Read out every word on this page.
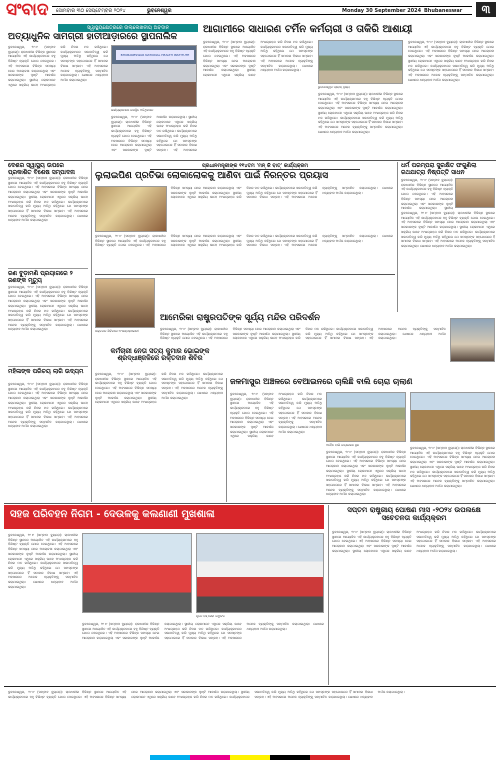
ସଂବାଦ ସୋମବାର ୩୦ ସେପ୍ଟେମ୍ବର ୨୦୨୪	ଭୁବନେଶ୍ୱର	Monday 30 September 2024 Bhubaneswar	୩
ସ୍ୱାସ୍ଥ୍ୟକ୍ଷେତ୍ରରେ ଉଲ୍ଲେଖନୀୟ ଅବଦାନ
ଅତ୍ୟାଧୁନିକ ସାମଗ୍ରୀ ହାତୀଆଡ଼ାରରେ ସ୍ଥାପନାଲିକ
ଭୁବନେଶ୍ୱର, ୨୯।୯ (ସମ୍ବାଦ ବ୍ୟୁରୋ): ରାଜଧାନୀର ବିଭିନ୍ନ ସ୍ଥାନରେ ଆୟୋଜିତ ଏହି କାର୍ଯ୍ୟକ୍ରମରେ ବହୁ ବିଶିଷ୍ଟ ବ୍ୟକ୍ତି ଯୋଗ ଦେଇଥିଲେ। ଏହି ଅବସରରେ ବିଭିନ୍ନ ସମସ୍ୟା ନେଇ ଆଲୋଚନା କରାଯାଇଥିଲା ଏବଂ ସରକାରଙ୍କ ଦୃଷ୍ଟି ଆକର୍ଷଣ କରାଯାଇଥିଲା। ସ୍ଥାନୀୟ ଲୋକମାନେ ଏଥିରେ ସକ୍ରିୟ ଭାବେ ଅଂଶଗ୍ରହଣ କରି ନିଜର ମତ ରଖିଥିଲେ। କାର୍ଯ୍ୟକ୍ରମରେ ସଭାପତିତ୍ୱ କରି ମୁଖ୍ୟ ଅତିଥି କହିଥିଲେ ଯେ ସମସ୍ତଙ୍କ ସହଯୋଗରେ ହିଁ ସମାଜର ବିକାଶ ସମ୍ଭବ। ଏହି ଅବସରରେ ଅନେକ ବ୍ୟକ୍ତିଙ୍କୁ ସମ୍ମାନିତ କରାଯାଇଥିଲା। ଶେଷରେ ଧନ୍ୟବାଦ ଅର୍ପଣ କରାଯାଇଥିଲା।
BHUBANESWAR NATIONAL HEALTH INSTITUTE
କାର୍ଯ୍ୟକ୍ରମରେ ଉପସ୍ଥିତ ଅତିଥିମାନେ
ଭୁବନେଶ୍ୱର, ୨୯।୯ (ସମ୍ବାଦ ବ୍ୟୁରୋ): ରାଜଧାନୀର ବିଭିନ୍ନ ସ୍ଥାନରେ ଆୟୋଜିତ ଏହି କାର୍ଯ୍ୟକ୍ରମରେ ବହୁ ବିଶିଷ୍ଟ ବ୍ୟକ୍ତି ଯୋଗ ଦେଇଥିଲେ। ଏହି ଅବସରରେ ବିଭିନ୍ନ ସମସ୍ୟା ନେଇ ଆଲୋଚନା କରାଯାଇଥିଲା ଏବଂ ସରକାରଙ୍କ ଦୃଷ୍ଟି ଆକର୍ଷଣ କରାଯାଇଥିଲା। ସ୍ଥାନୀୟ ଲୋକମାନେ ଏଥିରେ ସକ୍ରିୟ ଭାବେ ଅଂଶଗ୍ରହଣ କରି ନିଜର ମତ ରଖିଥିଲେ। କାର୍ଯ୍ୟକ୍ରମରେ ସଭାପତିତ୍ୱ କରି ମୁଖ୍ୟ ଅତିଥି କହିଥିଲେ ଯେ ସମସ୍ତଙ୍କ ସହଯୋଗରେ ହିଁ ସମାଜର ବିକାଶ ସମ୍ଭବ। ଏହି ଅବସରରେ
ଆଗାମୀରେ ସାଧାରଣ ଟର୍ମିନ କର୍ମଚାରୀ ଓ ତାକିରି ଆଶାୟୀ
ଭୁବନେଶ୍ୱର, ୨୯।୯ (ସମ୍ବାଦ ବ୍ୟୁରୋ): ରାଜଧାନୀର ବିଭିନ୍ନ ସ୍ଥାନରେ ଆୟୋଜିତ ଏହି କାର୍ଯ୍ୟକ୍ରମରେ ବହୁ ବିଶିଷ୍ଟ ବ୍ୟକ୍ତି ଯୋଗ ଦେଇଥିଲେ। ଏହି ଅବସରରେ ବିଭିନ୍ନ ସମସ୍ୟା ନେଇ ଆଲୋଚନା କରାଯାଇଥିଲା ଏବଂ ସରକାରଙ୍କ ଦୃଷ୍ଟି ଆକର୍ଷଣ କରାଯାଇଥିଲା। ସ୍ଥାନୀୟ ଲୋକମାନେ ଏଥିରେ ସକ୍ରିୟ ଭାବେ ଅଂଶଗ୍ରହଣ କରି ନିଜର ମତ ରଖିଥିଲେ। କାର୍ଯ୍ୟକ୍ରମରେ ସଭାପତିତ୍ୱ କରି ମୁଖ୍ୟ ଅତିଥି କହିଥିଲେ ଯେ ସମସ୍ତଙ୍କ ସହଯୋଗରେ ହିଁ ସମାଜର ବିକାଶ ସମ୍ଭବ। ଏହି ଅବସରରେ ଅନେକ ବ୍ୟକ୍ତିଙ୍କୁ ସମ୍ମାନିତ କରାଯାଇଥିଲା। ଶେଷରେ ଧନ୍ୟବାଦ ଅର୍ପଣ କରାଯାଇଥିଲା।
ଭୁବନେଶ୍ୱର ଡ୍ରୋନ୍ ଦୃଶ୍ୟ
ଭୁବନେଶ୍ୱର, ୨୯।୯ (ସମ୍ବାଦ ବ୍ୟୁରୋ): ରାଜଧାନୀର ବିଭିନ୍ନ ସ୍ଥାନରେ ଆୟୋଜିତ ଏହି କାର୍ଯ୍ୟକ୍ରମରେ ବହୁ ବିଶିଷ୍ଟ ବ୍ୟକ୍ତି ଯୋଗ ଦେଇଥିଲେ। ଏହି ଅବସରରେ ବିଭିନ୍ନ ସମସ୍ୟା ନେଇ ଆଲୋଚନା କରାଯାଇଥିଲା ଏବଂ ସରକାରଙ୍କ ଦୃଷ୍ଟି ଆକର୍ଷଣ କରାଯାଇଥିଲା। ସ୍ଥାନୀୟ ଲୋକମାନେ ଏଥିରେ ସକ୍ରିୟ ଭାବେ ଅଂଶଗ୍ରହଣ କରି ନିଜର ମତ ରଖିଥିଲେ। କାର୍ଯ୍ୟକ୍ରମରେ ସଭାପତିତ୍ୱ କରି ମୁଖ୍ୟ ଅତିଥି କହିଥିଲେ ଯେ ସମସ୍ତଙ୍କ ସହଯୋଗରେ ହିଁ ସମାଜର ବିକାଶ ସମ୍ଭବ। ଏହି ଅବସରରେ ଅନେକ ବ୍ୟକ୍ତିଙ୍କୁ ସମ୍ମାନିତ କରାଯାଇଥିଲା। ଶେଷରେ ଧନ୍ୟବାଦ ଅର୍ପଣ କରାଯାଇଥିଲା।
ଭୁବନେଶ୍ୱର, ୨୯।୯ (ସମ୍ବାଦ ବ୍ୟୁରୋ): ରାଜଧାନୀର ବିଭିନ୍ନ ସ୍ଥାନରେ ଆୟୋଜିତ ଏହି କାର୍ଯ୍ୟକ୍ରମରେ ବହୁ ବିଶିଷ୍ଟ ବ୍ୟକ୍ତି ଯୋଗ ଦେଇଥିଲେ। ଏହି ଅବସରରେ ବିଭିନ୍ନ ସମସ୍ୟା ନେଇ ଆଲୋଚନା କରାଯାଇଥିଲା ଏବଂ ସରକାରଙ୍କ ଦୃଷ୍ଟି ଆକର୍ଷଣ କରାଯାଇଥିଲା। ସ୍ଥାନୀୟ ଲୋକମାନେ ଏଥିରେ ସକ୍ରିୟ ଭାବେ ଅଂଶଗ୍ରହଣ କରି ନିଜର ମତ ରଖିଥିଲେ। କାର୍ଯ୍ୟକ୍ରମରେ ସଭାପତିତ୍ୱ କରି ମୁଖ୍ୟ ଅତିଥି କହିଥିଲେ ଯେ ସମସ୍ତଙ୍କ ସହଯୋଗରେ ହିଁ ସମାଜର ବିକାଶ ସମ୍ଭବ। ଏହି ଅବସରରେ ଅନେକ ବ୍ୟକ୍ତିଙ୍କୁ ସମ୍ମାନିତ କରାଯାଇଥିଲା। ଶେଷରେ ଧନ୍ୟବାଦ ଅର୍ପଣ କରାଯାଇଥିଲା।
ଦେଶର ସ୍ୱାସ୍ଥ୍ୟ ଉପରେ ପ୍ରକାଶିତ ବିଶେଷ ସମ୍ପାଦନା
ଭୁବନେଶ୍ୱର, ୨୯।୯ (ସମ୍ବାଦ ବ୍ୟୁରୋ): ରାଜଧାନୀର ବିଭିନ୍ନ ସ୍ଥାନରେ ଆୟୋଜିତ ଏହି କାର୍ଯ୍ୟକ୍ରମରେ ବହୁ ବିଶିଷ୍ଟ ବ୍ୟକ୍ତି ଯୋଗ ଦେଇଥିଲେ। ଏହି ଅବସରରେ ବିଭିନ୍ନ ସମସ୍ୟା ନେଇ ଆଲୋଚନା କରାଯାଇଥିଲା ଏବଂ ସରକାରଙ୍କ ଦୃଷ୍ଟି ଆକର୍ଷଣ କରାଯାଇଥିଲା। ସ୍ଥାନୀୟ ଲୋକମାନେ ଏଥିରେ ସକ୍ରିୟ ଭାବେ ଅଂଶଗ୍ରହଣ କରି ନିଜର ମତ ରଖିଥିଲେ। କାର୍ଯ୍ୟକ୍ରମରେ ସଭାପତିତ୍ୱ କରି ମୁଖ୍ୟ ଅତିଥି କହିଥିଲେ ଯେ ସମସ୍ତଙ୍କ ସହଯୋଗରେ ହିଁ ସମାଜର ବିକାଶ ସମ୍ଭବ। ଏହି ଅବସରରେ ଅନେକ ବ୍ୟକ୍ତିଙ୍କୁ ସମ୍ମାନିତ କରାଯାଇଥିଲା। ଶେଷରେ ଧନ୍ୟବାଦ ଅର୍ପଣ କରାଯାଇଥିଲା।
ରଣ ବୁଡ଼ାମଣି ପ୍ରୟାଗରେ ୨ ଜଣଙ୍କ ମୃତ୍ୟୁ
ଭୁବନେଶ୍ୱର, ୨୯।୯ (ସମ୍ବାଦ ବ୍ୟୁରୋ): ରାଜଧାନୀର ବିଭିନ୍ନ ସ୍ଥାନରେ ଆୟୋଜିତ ଏହି କାର୍ଯ୍ୟକ୍ରମରେ ବହୁ ବିଶିଷ୍ଟ ବ୍ୟକ୍ତି ଯୋଗ ଦେଇଥିଲେ। ଏହି ଅବସରରେ ବିଭିନ୍ନ ସମସ୍ୟା ନେଇ ଆଲୋଚନା କରାଯାଇଥିଲା ଏବଂ ସରକାରଙ୍କ ଦୃଷ୍ଟି ଆକର୍ଷଣ କରାଯାଇଥିଲା। ସ୍ଥାନୀୟ ଲୋକମାନେ ଏଥିରେ ସକ୍ରିୟ ଭାବେ ଅଂଶଗ୍ରହଣ କରି ନିଜର ମତ ରଖିଥିଲେ। କାର୍ଯ୍ୟକ୍ରମରେ ସଭାପତିତ୍ୱ କରି ମୁଖ୍ୟ ଅତିଥି କହିଥିଲେ ଯେ ସମସ୍ତଙ୍କ ସହଯୋଗରେ ହିଁ ସମାଜର ବିକାଶ ସମ୍ଭବ। ଏହି ଅବସରରେ ଅନେକ ବ୍ୟକ୍ତିଙ୍କୁ ସମ୍ମାନିତ କରାଯାଇଥିଲା। ଶେଷରେ ଧନ୍ୟବାଦ ଅର୍ପଣ କରାଯାଇଥିଲା।
ମହିଳାଙ୍କ ପରିଚୟ ଲାଗି ଉଦ୍ୟମ
ଭୁବନେଶ୍ୱର, ୨୯।୯ (ସମ୍ବାଦ ବ୍ୟୁରୋ): ରାଜଧାନୀର ବିଭିନ୍ନ ସ୍ଥାନରେ ଆୟୋଜିତ ଏହି କାର୍ଯ୍ୟକ୍ରମରେ ବହୁ ବିଶିଷ୍ଟ ବ୍ୟକ୍ତି ଯୋଗ ଦେଇଥିଲେ। ଏହି ଅବସରରେ ବିଭିନ୍ନ ସମସ୍ୟା ନେଇ ଆଲୋଚନା କରାଯାଇଥିଲା ଏବଂ ସରକାରଙ୍କ ଦୃଷ୍ଟି ଆକର୍ଷଣ କରାଯାଇଥିଲା। ସ୍ଥାନୀୟ ଲୋକମାନେ ଏଥିରେ ସକ୍ରିୟ ଭାବେ ଅଂଶଗ୍ରହଣ କରି ନିଜର ମତ ରଖିଥିଲେ। କାର୍ଯ୍ୟକ୍ରମରେ ସଭାପତିତ୍ୱ କରି ମୁଖ୍ୟ ଅତିଥି କହିଥିଲେ ଯେ ସମସ୍ତଙ୍କ ସହଯୋଗରେ ହିଁ ସମାଜର ବିକାଶ ସମ୍ଭବ। ଏହି ଅବସରରେ ଅନେକ ବ୍ୟକ୍ତିଙ୍କୁ ସମ୍ମାନିତ କରାଯାଇଥିଲା। ଶେଷରେ ଧନ୍ୟବାଦ ଅର୍ପଣ କରାଯାଇଥିଲା।
ପ୍ରଧାନମନ୍ତ୍ରୀଙ୍କ ୧୧୪ତମ 'ମନ୍ କି ବାତ୍' କାର୍ଯ୍ୟକ୍ରମ
ଲୁଲାଇପିଣ ପ୍ରତିଭା ଲୋକାଲୋକକୁ ଆଣିବା ପାଇଁ ନିରନ୍ତର ପ୍ରୟାସ
ବିଭିନ୍ନ ସମସ୍ୟା ନେଇ ଆଲୋଚନା କରାଯାଇଥିଲା ଏବଂ ସରକାରଙ୍କ ଦୃଷ୍ଟି ଆକର୍ଷଣ କରାଯାଇଥିଲା। ସ୍ଥାନୀୟ ଲୋକମାନେ ଏଥିରେ ସକ୍ରିୟ ଭାବେ ଅଂଶଗ୍ରହଣ କରି ନିଜର ମତ ରଖିଥିଲେ। କାର୍ଯ୍ୟକ୍ରମରେ ସଭାପତିତ୍ୱ କରି ମୁଖ୍ୟ ଅତିଥି କହିଥିଲେ ଯେ ସମସ୍ତଙ୍କ ସହଯୋଗରେ ହିଁ ସମାଜର ବିକାଶ ସମ୍ଭବ। ଏହି ଅବସରରେ ଅନେକ ବ୍ୟକ୍ତିଙ୍କୁ ସମ୍ମାନିତ କରାଯାଇଥିଲା। ଶେଷରେ ଧନ୍ୟବାଦ ଅର୍ପଣ କରାଯାଇଥିଲା।
ଭୁବନେଶ୍ୱର, ୨୯।୯ (ସମ୍ବାଦ ବ୍ୟୁରୋ): ରାଜଧାନୀର ବିଭିନ୍ନ ସ୍ଥାନରେ ଆୟୋଜିତ ଏହି କାର୍ଯ୍ୟକ୍ରମରେ ବହୁ ବିଶିଷ୍ଟ ବ୍ୟକ୍ତି ଯୋଗ ଦେଇଥିଲେ। ଏହି ଅବସରରେ ବିଭିନ୍ନ ସମସ୍ୟା ନେଇ ଆଲୋଚନା କରାଯାଇଥିଲା ଏବଂ ସରକାରଙ୍କ ଦୃଷ୍ଟି ଆକର୍ଷଣ କରାଯାଇଥିଲା। ସ୍ଥାନୀୟ ଲୋକମାନେ ଏଥିରେ ସକ୍ରିୟ ଭାବେ ଅଂଶଗ୍ରହଣ କରି ନିଜର ମତ ରଖିଥିଲେ। କାର୍ଯ୍ୟକ୍ରମରେ ସଭାପତିତ୍ୱ କରି ମୁଖ୍ୟ ଅତିଥି କହିଥିଲେ ଯେ ସମସ୍ତଙ୍କ ସହଯୋଗରେ ହିଁ ସମାଜର ବିକାଶ ସମ୍ଭବ। ଏହି ଅବସରରେ ଅନେକ ବ୍ୟକ୍ତିଙ୍କୁ ସମ୍ମାନିତ କରାଯାଇଥିଲା। ଶେଷରେ ଧନ୍ୟବାଦ ଅର୍ପଣ କରାଯାଇଥିଲା।
ଧର୍ମ ପରମ୍ପରା ସୁରକ୍ଷିତ ଫଗୁଣିଲା ରଥଯାତ୍ରା ନିଷ୍ପତ୍ତି ସାଧନ
ଭୁବନେଶ୍ୱର, ୨୯।୯ (ସମ୍ବାଦ ବ୍ୟୁରୋ): ରାଜଧାନୀର ବିଭିନ୍ନ ସ୍ଥାନରେ ଆୟୋଜିତ ଏହି କାର୍ଯ୍ୟକ୍ରମରେ ବହୁ ବିଶିଷ୍ଟ ବ୍ୟକ୍ତି ଯୋଗ ଦେଇଥିଲେ। ଏହି ଅବସରରେ ବିଭିନ୍ନ ସମସ୍ୟା ନେଇ ଆଲୋଚନା କରାଯାଇଥିଲା ଏବଂ ସରକାରଙ୍କ ଦୃଷ୍ଟି ଆକର୍ଷଣ କରାଯାଇଥିଲା। ସ୍ଥାନୀୟ
ଭୁବନେଶ୍ୱର, ୨୯।୯ (ସମ୍ବାଦ ବ୍ୟୁରୋ): ରାଜଧାନୀର ବିଭିନ୍ନ ସ୍ଥାନରେ ଆୟୋଜିତ ଏହି କାର୍ଯ୍ୟକ୍ରମରେ ବହୁ ବିଶିଷ୍ଟ ବ୍ୟକ୍ତି ଯୋଗ ଦେଇଥିଲେ। ଏହି ଅବସରରେ ବିଭିନ୍ନ ସମସ୍ୟା ନେଇ ଆଲୋଚନା କରାଯାଇଥିଲା ଏବଂ ସରକାରଙ୍କ ଦୃଷ୍ଟି ଆକର୍ଷଣ କରାଯାଇଥିଲା। ସ୍ଥାନୀୟ ଲୋକମାନେ ଏଥିରେ ସକ୍ରିୟ ଭାବେ ଅଂଶଗ୍ରହଣ କରି ନିଜର ମତ ରଖିଥିଲେ। କାର୍ଯ୍ୟକ୍ରମରେ ସଭାପତିତ୍ୱ କରି ମୁଖ୍ୟ ଅତିଥି କହିଥିଲେ ଯେ ସମସ୍ତଙ୍କ ସହଯୋଗରେ ହିଁ ସମାଜର ବିକାଶ ସମ୍ଭବ। ଏହି ଅବସରରେ ଅନେକ ବ୍ୟକ୍ତିଙ୍କୁ ସମ୍ମାନିତ କରାଯାଇଥିଲା। ଶେଷରେ ଧନ୍ୟବାଦ ଅର୍ପଣ କରାଯାଇଥିଲା।
ଆମେରିକା ରାଷ୍ଟ୍ରପତିଙ୍କ ସୂର୍ଯ୍ୟ ମନ୍ଦିର ପରିଦର୍ଶନ
ଭୁବନେଶ୍ୱର, ୨୯।୯ (ସମ୍ବାଦ ବ୍ୟୁରୋ): ରାଜଧାନୀର ବିଭିନ୍ନ ସ୍ଥାନରେ ଆୟୋଜିତ ଏହି କାର୍ଯ୍ୟକ୍ରମରେ ବହୁ ବିଶିଷ୍ଟ ବ୍ୟକ୍ତି ଯୋଗ ଦେଇଥିଲେ। ଏହି ଅବସରରେ ବିଭିନ୍ନ ସମସ୍ୟା ନେଇ ଆଲୋଚନା କରାଯାଇଥିଲା ଏବଂ ସରକାରଙ୍କ ଦୃଷ୍ଟି ଆକର୍ଷଣ କରାଯାଇଥିଲା। ସ୍ଥାନୀୟ ଲୋକମାନେ ଏଥିରେ ସକ୍ରିୟ ଭାବେ ଅଂଶଗ୍ରହଣ କରି ନିଜର ମତ ରଖିଥିଲେ। କାର୍ଯ୍ୟକ୍ରମରେ ସଭାପତିତ୍ୱ କରି ମୁଖ୍ୟ ଅତିଥି କହିଥିଲେ ଯେ ସମସ୍ତଙ୍କ ସହଯୋଗରେ ହିଁ ସମାଜର ବିକାଶ ସମ୍ଭବ। ଏହି ଅବସରରେ ଅନେକ ବ୍ୟକ୍ତିଙ୍କୁ ସମ୍ମାନିତ କରାଯାଇଥିଲା। ଶେଷରେ ଧନ୍ୟବାଦ ଅର୍ପଣ କରାଯାଇଥିଲା।
ରକ୍ତଦାନ ଶିବିରରେ ଅଂଶଗ୍ରହଣକାରୀ
କର୍ମଚାରୀ ନେତା ସତ୍ୟ କୁମାର ଭୋଇଙ୍କ ଶ୍ରଦ୍ଧାଞ୍ଜଳିରେ ରକ୍ତଦାନ ଶିବିର
ଭୁବନେଶ୍ୱର, ୨୯।୯ (ସମ୍ବାଦ ବ୍ୟୁରୋ): ରାଜଧାନୀର ବିଭିନ୍ନ ସ୍ଥାନରେ ଆୟୋଜିତ ଏହି କାର୍ଯ୍ୟକ୍ରମରେ ବହୁ ବିଶିଷ୍ଟ ବ୍ୟକ୍ତି ଯୋଗ ଦେଇଥିଲେ। ଏହି ଅବସରରେ ବିଭିନ୍ନ ସମସ୍ୟା ନେଇ ଆଲୋଚନା କରାଯାଇଥିଲା ଏବଂ ସରକାରଙ୍କ ଦୃଷ୍ଟି ଆକର୍ଷଣ କରାଯାଇଥିଲା। ସ୍ଥାନୀୟ ଲୋକମାନେ ଏଥିରେ ସକ୍ରିୟ ଭାବେ ଅଂଶଗ୍ରହଣ କରି ନିଜର ମତ ରଖିଥିଲେ। କାର୍ଯ୍ୟକ୍ରମରେ ସଭାପତିତ୍ୱ କରି ମୁଖ୍ୟ ଅତିଥି କହିଥିଲେ ଯେ ସମସ୍ତଙ୍କ ସହଯୋଗରେ ହିଁ ସମାଜର ବିକାଶ ସମ୍ଭବ। ଏହି ଅବସରରେ ଅନେକ ବ୍ୟକ୍ତିଙ୍କୁ ସମ୍ମାନିତ କରାଯାଇଥିଲା। ଶେଷରେ ଧନ୍ୟବାଦ ଅର୍ପଣ କରାଯାଇଥିଲା।
ଜଳମାସୁର ଅଞ୍ଚଳରେ ବେଆଇନରେ ଚାଲିଛି ବାଲି ଚୋରା ଚାଲାଣ
ଭୁବନେଶ୍ୱର, ୨୯।୯ (ସମ୍ବାଦ ବ୍ୟୁରୋ): ରାଜଧାନୀର ବିଭିନ୍ନ ସ୍ଥାନରେ ଆୟୋଜିତ ଏହି କାର୍ଯ୍ୟକ୍ରମରେ ବହୁ ବିଶିଷ୍ଟ ବ୍ୟକ୍ତି ଯୋଗ ଦେଇଥିଲେ। ଏହି ଅବସରରେ ବିଭିନ୍ନ ସମସ୍ୟା ନେଇ ଆଲୋଚନା କରାଯାଇଥିଲା ଏବଂ ସରକାରଙ୍କ ଦୃଷ୍ଟି ଆକର୍ଷଣ କରାଯାଇଥିଲା। ସ୍ଥାନୀୟ ଲୋକମାନେ ଏଥିରେ ସକ୍ରିୟ ଭାବେ ଅଂଶଗ୍ରହଣ କରି ନିଜର ମତ ରଖିଥିଲେ। କାର୍ଯ୍ୟକ୍ରମରେ ସଭାପତିତ୍ୱ କରି ମୁଖ୍ୟ ଅତିଥି କହିଥିଲେ ଯେ ସମସ୍ତଙ୍କ ସହଯୋଗରେ ହିଁ ସମାଜର ବିକାଶ ସମ୍ଭବ। ଏହି ଅବସରରେ ଅନେକ ବ୍ୟକ୍ତିଙ୍କୁ ସମ୍ମାନିତ କରାଯାଇଥିଲା। ଶେଷରେ ଧନ୍ୟବାଦ ଅର୍ପଣ କରାଯାଇଥିଲା।
ଅବୈଧ ବାଲି ଉତ୍ତୋଳନ ସ୍ଥଳ
ଭୁବନେଶ୍ୱର, ୨୯।୯ (ସମ୍ବାଦ ବ୍ୟୁରୋ): ରାଜଧାନୀର ବିଭିନ୍ନ ସ୍ଥାନରେ ଆୟୋଜିତ ଏହି କାର୍ଯ୍ୟକ୍ରମରେ ବହୁ ବିଶିଷ୍ଟ ବ୍ୟକ୍ତି ଯୋଗ ଦେଇଥିଲେ। ଏହି ଅବସରରେ ବିଭିନ୍ନ ସମସ୍ୟା ନେଇ ଆଲୋଚନା କରାଯାଇଥିଲା ଏବଂ ସରକାରଙ୍କ ଦୃଷ୍ଟି ଆକର୍ଷଣ କରାଯାଇଥିଲା। ସ୍ଥାନୀୟ ଲୋକମାନେ ଏଥିରେ ସକ୍ରିୟ ଭାବେ ଅଂଶଗ୍ରହଣ କରି ନିଜର ମତ ରଖିଥିଲେ। କାର୍ଯ୍ୟକ୍ରମରେ ସଭାପତିତ୍ୱ କରି ମୁଖ୍ୟ ଅତିଥି କହିଥିଲେ ଯେ ସମସ୍ତଙ୍କ ସହଯୋଗରେ ହିଁ ସମାଜର ବିକାଶ ସମ୍ଭବ। ଏହି ଅବସରରେ ଅନେକ ବ୍ୟକ୍ତିଙ୍କୁ ସମ୍ମାନିତ କରାଯାଇଥିଲା। ଶେଷରେ ଧନ୍ୟବାଦ ଅର୍ପଣ କରାଯାଇଥିଲା।
ଭୁବନେଶ୍ୱର, ୨୯।୯ (ସମ୍ବାଦ ବ୍ୟୁରୋ): ରାଜଧାନୀର ବିଭିନ୍ନ ସ୍ଥାନରେ ଆୟୋଜିତ ଏହି କାର୍ଯ୍ୟକ୍ରମରେ ବହୁ ବିଶିଷ୍ଟ ବ୍ୟକ୍ତି ଯୋଗ ଦେଇଥିଲେ। ଏହି ଅବସରରେ ବିଭିନ୍ନ ସମସ୍ୟା ନେଇ ଆଲୋଚନା କରାଯାଇଥିଲା ଏବଂ ସରକାରଙ୍କ ଦୃଷ୍ଟି ଆକର୍ଷଣ କରାଯାଇଥିଲା। ସ୍ଥାନୀୟ ଲୋକମାନେ ଏଥିରେ ସକ୍ରିୟ ଭାବେ ଅଂଶଗ୍ରହଣ କରି ନିଜର ମତ ରଖିଥିଲେ। କାର୍ଯ୍ୟକ୍ରମରେ ସଭାପତିତ୍ୱ କରି ମୁଖ୍ୟ ଅତିଥି କହିଥିଲେ ଯେ ସମସ୍ତଙ୍କ ସହଯୋଗରେ ହିଁ ସମାଜର ବିକାଶ ସମ୍ଭବ। ଏହି ଅବସରରେ ଅନେକ ବ୍ୟକ୍ତିଙ୍କୁ ସମ୍ମାନିତ କରାଯାଇଥିଲା। ଶେଷରେ ଧନ୍ୟବାଦ ଅର୍ପଣ କରାଯାଇଥିଲା।
ସହଜ ପରିବହନ ନିଗମ - ଦେଉଳକୁ କଲଣାଣୀ ମୁଖଶାଳା
ଭୁବନେଶ୍ୱର, ୨୯।୯ (ସମ୍ବାଦ ବ୍ୟୁରୋ): ରାଜଧାନୀର ବିଭିନ୍ନ ସ୍ଥାନରେ ଆୟୋଜିତ ଏହି କାର୍ଯ୍ୟକ୍ରମରେ ବହୁ ବିଶିଷ୍ଟ ବ୍ୟକ୍ତି ଯୋଗ ଦେଇଥିଲେ। ଏହି ଅବସରରେ ବିଭିନ୍ନ ସମସ୍ୟା ନେଇ ଆଲୋଚନା କରାଯାଇଥିଲା ଏବଂ ସରକାରଙ୍କ ଦୃଷ୍ଟି ଆକର୍ଷଣ କରାଯାଇଥିଲା। ସ୍ଥାନୀୟ ଲୋକମାନେ ଏଥିରେ ସକ୍ରିୟ ଭାବେ ଅଂଶଗ୍ରହଣ କରି ନିଜର ମତ ରଖିଥିଲେ। କାର୍ଯ୍ୟକ୍ରମରେ ସଭାପତିତ୍ୱ କରି ମୁଖ୍ୟ ଅତିଥି କହିଥିଲେ ଯେ ସମସ୍ତଙ୍କ ସହଯୋଗରେ ହିଁ ସମାଜର ବିକାଶ ସମ୍ଭବ। ଏହି ଅବସରରେ ଅନେକ ବ୍ୟକ୍ତିଙ୍କୁ ସମ୍ମାନିତ କରାଯାଇଥିଲା। ଶେଷରେ ଧନ୍ୟବାଦ ଅର୍ପଣ କରାଯାଇଥିଲା।
ନୂତନ ବସ୍ ସେବା ଉଦ୍ଘାଟନ
ଭୁବନେଶ୍ୱର, ୨୯।୯ (ସମ୍ବାଦ ବ୍ୟୁରୋ): ରାଜଧାନୀର ବିଭିନ୍ନ ସ୍ଥାନରେ ଆୟୋଜିତ ଏହି କାର୍ଯ୍ୟକ୍ରମରେ ବହୁ ବିଶିଷ୍ଟ ବ୍ୟକ୍ତି ଯୋଗ ଦେଇଥିଲେ। ଏହି ଅବସରରେ ବିଭିନ୍ନ ସମସ୍ୟା ନେଇ ଆଲୋଚନା କରାଯାଇଥିଲା ଏବଂ ସରକାରଙ୍କ ଦୃଷ୍ଟି ଆକର୍ଷଣ କରାଯାଇଥିଲା। ସ୍ଥାନୀୟ ଲୋକମାନେ ଏଥିରେ ସକ୍ରିୟ ଭାବେ ଅଂଶଗ୍ରହଣ କରି ନିଜର ମତ ରଖିଥିଲେ। କାର୍ଯ୍ୟକ୍ରମରେ ସଭାପତିତ୍ୱ କରି ମୁଖ୍ୟ ଅତିଥି କହିଥିଲେ ଯେ ସମସ୍ତଙ୍କ ସହଯୋଗରେ ହିଁ ସମାଜର ବିକାଶ ସମ୍ଭବ। ଏହି ଅବସରରେ ଅନେକ ବ୍ୟକ୍ତିଙ୍କୁ ସମ୍ମାନିତ କରାଯାଇଥିଲା। ଶେଷରେ ଧନ୍ୟବାଦ ଅର୍ପଣ କରାଯାଇଥିଲା।
ସପ୍ତମ ରାଷ୍ଟ୍ରୀୟ ପୋଷଣ ମାସ -୨୦୨୪ ଉପଲକ୍ଷେ ସଚେତନତା କାର୍ଯ୍ୟକ୍ରମ
ଭୁବନେଶ୍ୱର, ୨୯।୯ (ସମ୍ବାଦ ବ୍ୟୁରୋ): ରାଜଧାନୀର ବିଭିନ୍ନ ସ୍ଥାନରେ ଆୟୋଜିତ ଏହି କାର୍ଯ୍ୟକ୍ରମରେ ବହୁ ବିଶିଷ୍ଟ ବ୍ୟକ୍ତି ଯୋଗ ଦେଇଥିଲେ। ଏହି ଅବସରରେ ବିଭିନ୍ନ ସମସ୍ୟା ନେଇ ଆଲୋଚନା କରାଯାଇଥିଲା ଏବଂ ସରକାରଙ୍କ ଦୃଷ୍ଟି ଆକର୍ଷଣ କରାଯାଇଥିଲା। ସ୍ଥାନୀୟ ଲୋକମାନେ ଏଥିରେ ସକ୍ରିୟ ଭାବେ ଅଂଶଗ୍ରହଣ କରି ନିଜର ମତ ରଖିଥିଲେ। କାର୍ଯ୍ୟକ୍ରମରେ ସଭାପତିତ୍ୱ କରି ମୁଖ୍ୟ ଅତିଥି କହିଥିଲେ ଯେ ସମସ୍ତଙ୍କ ସହଯୋଗରେ ହିଁ ସମାଜର ବିକାଶ ସମ୍ଭବ। ଏହି ଅବସରରେ ଅନେକ ବ୍ୟକ୍ତିଙ୍କୁ ସମ୍ମାନିତ କରାଯାଇଥିଲା। ଶେଷରେ ଧନ୍ୟବାଦ ଅର୍ପଣ କରାଯାଇଥିଲା।
ଭୁବନେଶ୍ୱର, ୨୯।୯ (ସମ୍ବାଦ ବ୍ୟୁରୋ): ରାଜଧାନୀର ବିଭିନ୍ନ ସ୍ଥାନରେ ଆୟୋଜିତ ଏହି କାର୍ଯ୍ୟକ୍ରମରେ ବହୁ ବିଶିଷ୍ଟ ବ୍ୟକ୍ତି ଯୋଗ ଦେଇଥିଲେ। ଏହି ଅବସରରେ ବିଭିନ୍ନ ସମସ୍ୟା ନେଇ ଆଲୋଚନା କରାଯାଇଥିଲା ଏବଂ ସରକାରଙ୍କ ଦୃଷ୍ଟି ଆକର୍ଷଣ କରାଯାଇଥିଲା। ସ୍ଥାନୀୟ ଲୋକମାନେ ଏଥିରେ ସକ୍ରିୟ ଭାବେ ଅଂଶଗ୍ରହଣ କରି ନିଜର ମତ ରଖିଥିଲେ। କାର୍ଯ୍ୟକ୍ରମରେ ସଭାପତିତ୍ୱ କରି ମୁଖ୍ୟ ଅତିଥି କହିଥିଲେ ଯେ ସମସ୍ତଙ୍କ ସହଯୋଗରେ ହିଁ ସମାଜର ବିକାଶ ସମ୍ଭବ। ଏହି ଅବସରରେ ଅନେକ ବ୍ୟକ୍ତିଙ୍କୁ ସମ୍ମାନିତ କରାଯାଇଥିଲା। ଶେଷରେ ଧନ୍ୟବାଦ ଅର୍ପଣ କରାଯାଇଥିଲା।
